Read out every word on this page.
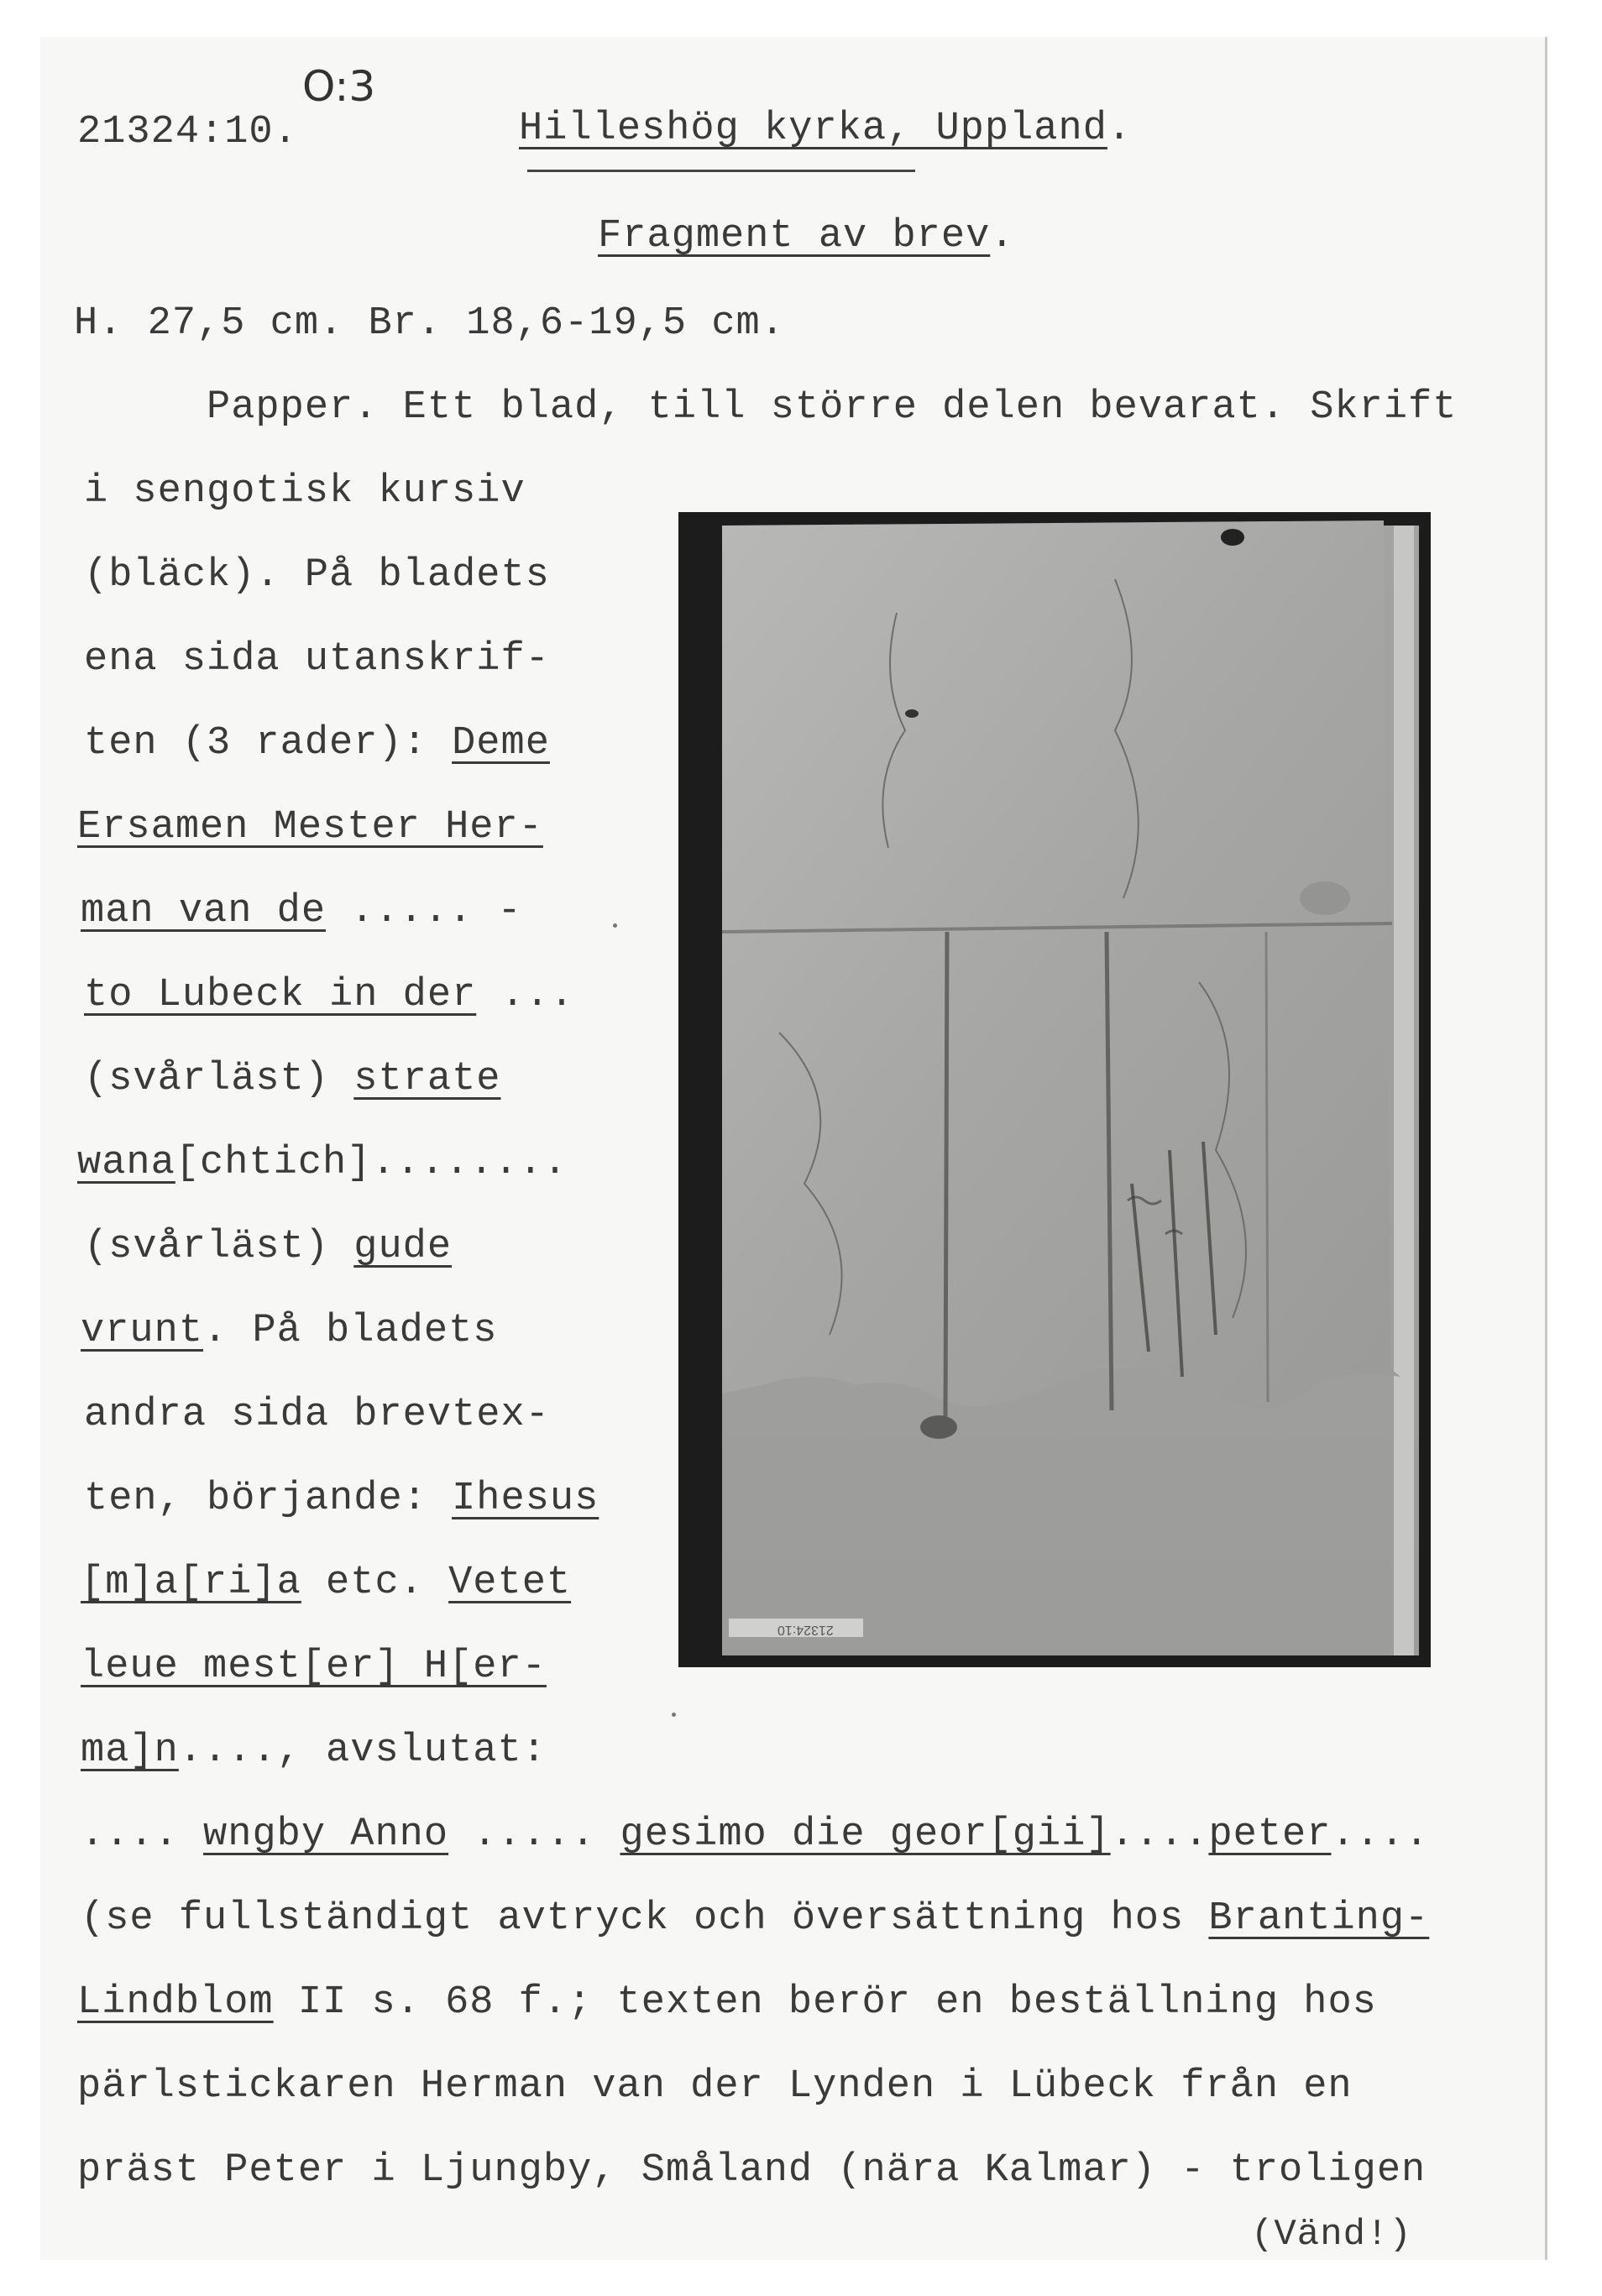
O:3
21324:10.	Hilleshög kyrka, Uppland.
Fragment av brev.
H. 27,5 cm. Br. 18,6-19,5 cm.
Papper. Ett blad, till större delen bevarat. Skrift
i sengotisk kursiv
(bläck). På bladets
ena sida utanskrif-
ten (3 rader): Deme
Ersamen Mester Her-
man van de ..... -
to Lubeck in der ...
(svårläst) strate
wana[chtich]........
(svårläst) gude
vrunt. På bladets
andra sida brevtex-
ten, börjande: Ihesus
[m]a[ri]a etc. Vetet
leue mest[er] H[er-
ma]n...., avslutat:
.... wngby Anno ..... gesimo die geor[gii]....peter....
(se fullständigt avtryck och översättning hos Branting-
Lindblom II s. 68 f.; texten berör en beställning hos
pärlstickaren Herman van der Lynden i Lübeck från en
präst Peter i Ljungby, Småland (nära Kalmar) - troligen
(Vänd!)
21324:10
